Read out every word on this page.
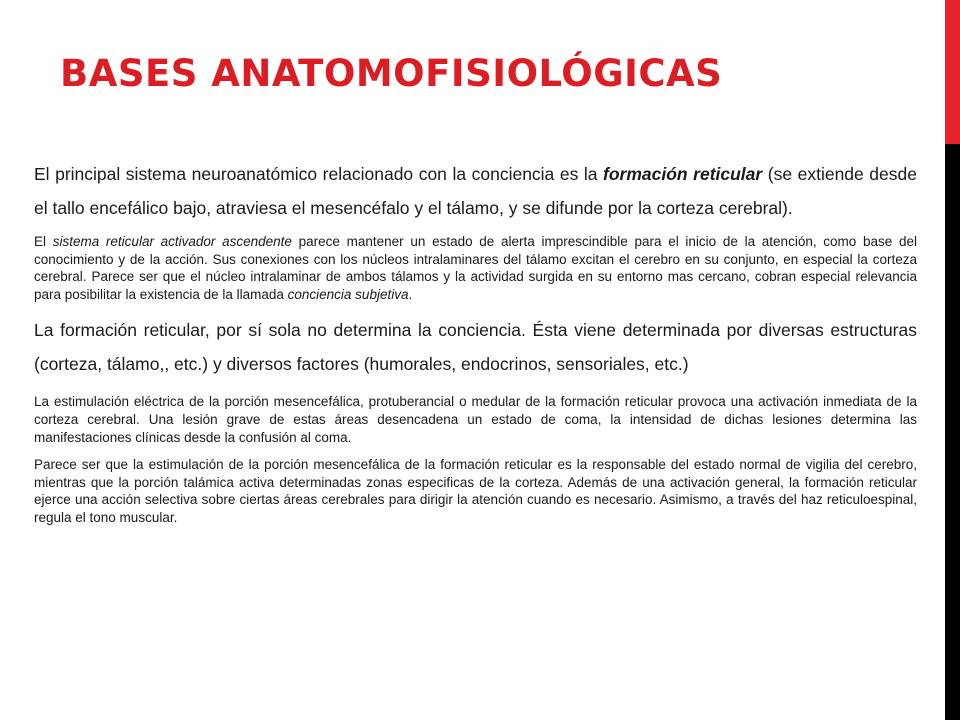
BASES ANATOMOFISIOLÓGICAS

El principal sistema neuroanatómico relacionado con la conciencia es la formación reticular (se extiende desde el tallo encefálico bajo, atraviesa el mesencéfalo y el tálamo, y se difunde por la corteza cerebral).

El sistema reticular activador ascendente parece mantener un estado de alerta imprescindible para el inicio de la atención, como base del conocimiento y de la acción. Sus conexiones con los núcleos intralaminares del tálamo excitan el cerebro en su conjunto, en especial la corteza cerebral. Parece ser que el núcleo intralaminar de ambos tálamos y la actividad surgida en su entorno mas cercano, cobran especial relevancia para posibilitar la existencia de la llamada conciencia subjetiva.

La formación reticular, por sí sola no determina la conciencia. Ésta viene determinada por diversas estructuras (corteza, tálamo,, etc.) y diversos factores (humorales, endocrinos, sensoriales, etc.)

La estimulación eléctrica de la porción mesencefálica, protuberancial o medular de la formación reticular provoca una activación inmediata de la corteza cerebral. Una lesión grave de estas áreas desencadena un estado de coma, la intensidad de dichas lesiones determina las manifestaciones clínicas desde la confusión al coma.

Parece ser que la estimulación de la porción mesencefálica de la formación reticular es la responsable del estado normal de vigilia del cerebro, mientras que la porción talámica activa determinadas zonas especificas de la corteza. Además de una activación general, la formación reticular ejerce una acción selectiva sobre ciertas áreas cerebrales para dirigir la atención cuando es necesario. Asimismo, a través del haz reticuloespinal, regula el tono muscular.
